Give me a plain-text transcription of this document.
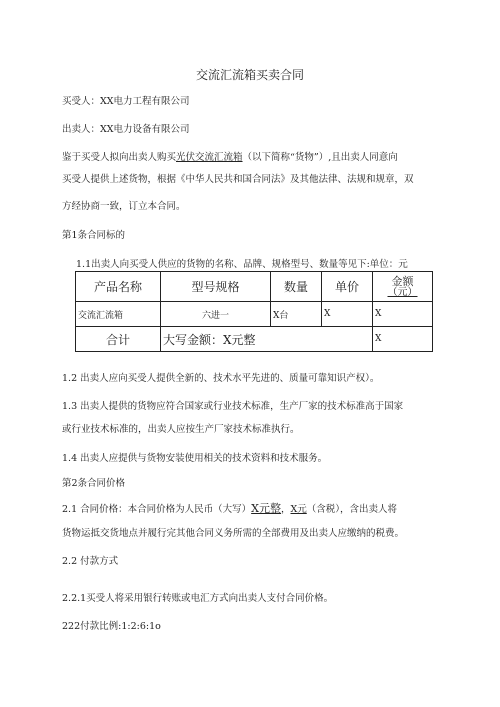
交流汇流箱买卖合同
买受人：XX电力工程有限公司
出卖人：XX电力设备有限公司
鉴于买受人拟向出卖人购买光伏交流汇流箱（以下简称“货物”）,且出卖人同意向
买受人提供上述货物，根据《中华人民共和国合同法》及其他法律、法规和规章，双
方经协商一致，订立本合同。
第1条合同标的
1.1出卖人向买受人供应的货物的名称、品牌、规格型号、数量等见下:单位：元
产品名称	型号规格	数量	单价	金额
（元）

交流汇流箱	六进一	X台	X	X
合计	大写金额：X元整			X
1.2 出卖人应向买受人提供全新的、技术水平先进的、质量可靠知识产权）。
1.3 出卖人提供的货物应符合国家或行业技术标准，生产厂家的技术标准高于国家
或行业技术标准的，出卖人应按生产厂家技术标准执行。
1.4 出卖人应提供与货物安装使用相关的技术资料和技术服务。
第2条合同价格
2.1 合同价格：本合同价格为人民币（大写）X元整，X元（含税），含出卖人将
货物运抵交货地点并履行完其他合同义务所需的全部费用及出卖人应缴纳的税费。
2.2 付款方式
2.2.1买受人将采用银行转账或电汇方式向出卖人支付合同价格。
222付款比例:1:2:6:1o
